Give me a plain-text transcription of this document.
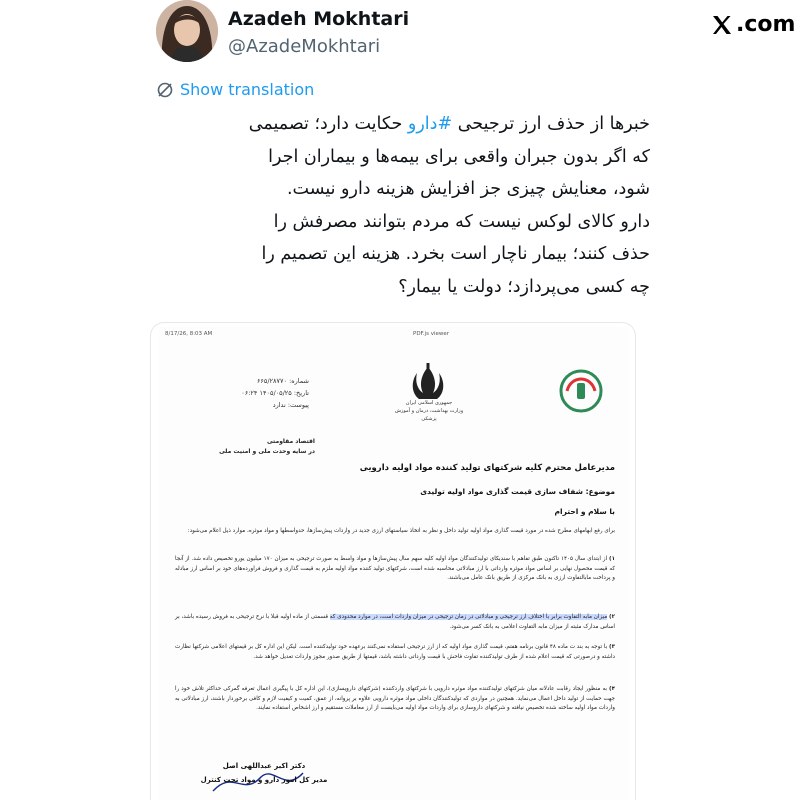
Azadeh Mokhtari
@AzadeMokhtari
.com
Show translation
خبرها از حذف ارز ترجیحی #دارو حکایت دارد؛ تصمیمی
که اگر بدون جبران واقعی برای بیمه‌ها و بیماران اجرا
شود، معنایش چیزی جز افزایش هزینه دارو نیست.
دارو کالای لوکس نیست که مردم بتوانند مصرفش را
حذف کنند؛ بیمار ناچار است بخرد. هزینه این تصمیم را
چه کسی می‌پردازد؛ دولت یا بیمار؟
8/17/26, 8:03 AM	PDF.js viewer
جمهوری اسلامی ایران
وزارت بهداشت، درمان و آموزش پزشکی
شماره: ۶۶۵/۲۸۷۷۰
تاریخ: ۱۴۰۵/۰۵/۲۵ ۰۶:۲۴
پیوست: ندارد
اقتصاد مقاومتی
در سایه وحدت ملی و امنیت ملی
مدیرعامل محترم کلیه شرکتهای تولید کننده مواد اولیه دارویی
موضوع: شفاف سازی قیمت گذاری مواد اولیه تولیدی
با سلام و احترام
برای رفع ابهامهای مطرح شده در مورد قیمت گذاری مواد اولیه تولید داخل و نظر به اتخاذ سیاستهای ارزی جدید در واردات پیش‌سازها، حدواسطها و مواد موثره، موارد ذیل اعلام می‌شود:
۱) از ابتدای سال ۱۴۰۵ تاکنون طبق تفاهم با سندیکای تولیدکنندگان مواد اولیه کلیه سهم سال پیش‌سازها و مواد واسط به صورت ترجیحی به میزان ۱۷۰ میلیون یورو تخصیص داده شد. از آنجا که قیمت محصول نهایی بر اساس مواد موثره وارداتی با ارز مبادلاتی محاسبه شده است، شرکتهای تولید کننده مواد اولیه ملزم به قیمت گذاری و فروش فراورده‌های خود بر اساس ارز مبادله و پرداخت مابالتفاوت ارزی به بانک مرکزی از طریق بانک عامل می‌باشند.
۲) میزان مابه التفاوت برابر با اختلاف ارز ترجیحی و مبادلاتی در زمان ترجیحی در میزان واردات است، در موارد محدودی که قسمتی از ماده اولیه قبلا با نرخ ترجیحی به فروش رسیده باشد، بر اساس مدارک مثبته از میزان مابه التفاوت اعلامی به بانک کسر می‌شود.
۳) با توجه به بند ت ماده ۴۸ قانون برنامه هفتم، قیمت گذاری مواد اولیه که از ارز ترجیحی استفاده نمی‌کنند برعهده خود تولیدکننده است. لیکن این اداره کل بر قیمتهای اعلامی شرکتها نظارت داشته و درصورتی که قیمت اعلام شده از طرف تولیدکننده تفاوت فاحش با قیمت وارداتی داشته باشد، قیمتها از طریق صدور مجوز واردات تعدیل خواهد شد.
۴) به منظور ایجاد رقابت عادلانه میان شرکتهای تولیدکننده مواد موثره دارویی با شرکتهای واردکننده (شرکتهای دارویسازی)، این اداره کل با پیگیری اعمال تعرفه گمرکی حداکثر تلاش خود را جهت حمایت از تولید داخل اعمال می‌نماید. همچنین در مواردی که تولیدکنندگان داخلی مواد موثره دارویی علاوه بر پروانه، از عمق، کمیت و کیفیت لازم و کافی برخوردار باشند، ارز مبادلاتی به واردات مواد اولیه ساخته شده تخصیص نیافته و شرکتهای داروسازی برای واردات مواد اولیه می‌بایست از ارز معاملات مستقیم و ارز اشخاص استفاده نمایند.
دکتر اکبر عبداللهی اصل
مدیر کل امور دارو و مواد تحت کنترل
